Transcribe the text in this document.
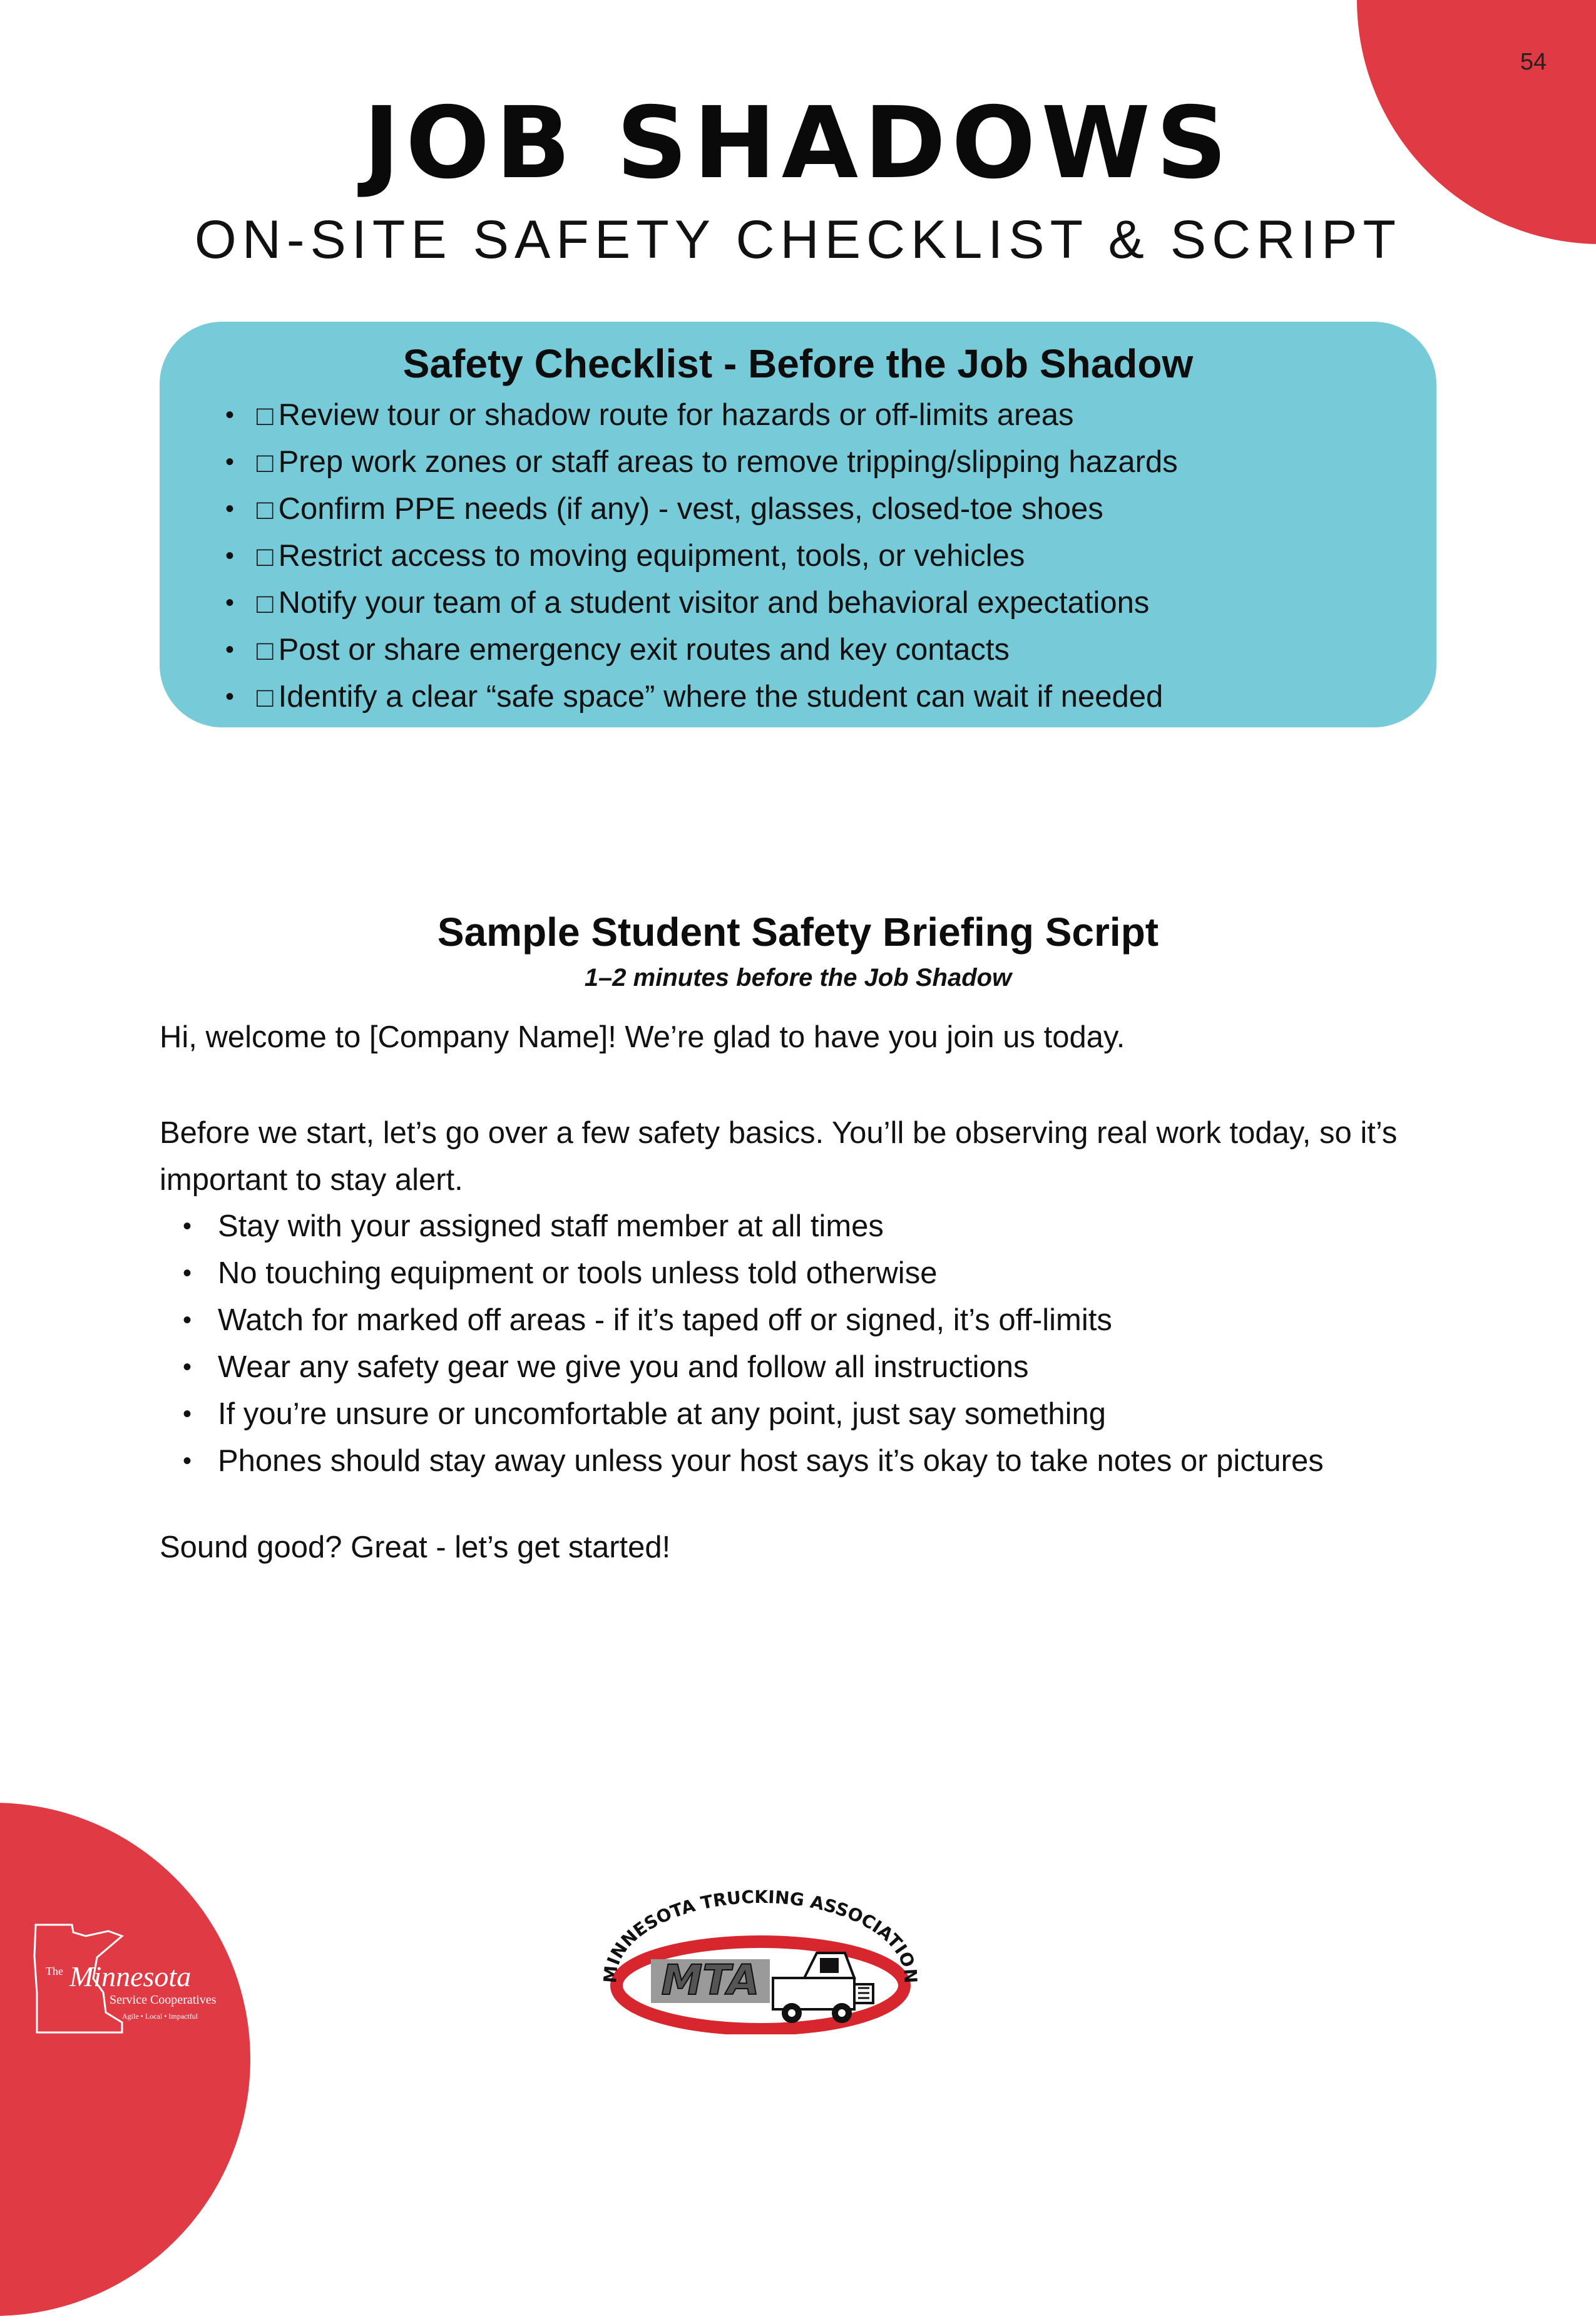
54
JOB SHADOWS
ON-SITE SAFETY CHECKLIST & SCRIPT
Safety Checklist - Before the Job Shadow
• □ Review tour or shadow route for hazards or off-limits areas
• □ Prep work zones or staff areas to remove tripping/slipping hazards
• □ Confirm PPE needs (if any) - vest, glasses, closed-toe shoes
• □ Restrict access to moving equipment, tools, or vehicles
• □ Notify your team of a student visitor and behavioral expectations
• □ Post or share emergency exit routes and key contacts
• □ Identify a clear “safe space” where the student can wait if needed
Sample Student Safety Briefing Script
1–2 minutes before the Job Shadow

Hi, welcome to [Company Name]! We’re glad to have you join us today.

Before we start, let’s go over a few safety basics. You’ll be observing real work today, so it’s important to stay alert.

• Stay with your assigned staff member at all times
• No touching equipment or tools unless told otherwise
• Watch for marked off areas - if it’s taped off or signed, it’s off-limits
• Wear any safety gear we give you and follow all instructions
• If you’re unsure or uncomfortable at any point, just say something
• Phones should stay away unless your host says it’s okay to take notes or pictures

Sound good? Great - let’s get started!

The Minnesota
Service Cooperatives
Agile • Local • Impactful
MINNESOTA TRUCKING ASSOCIATION
MTA
